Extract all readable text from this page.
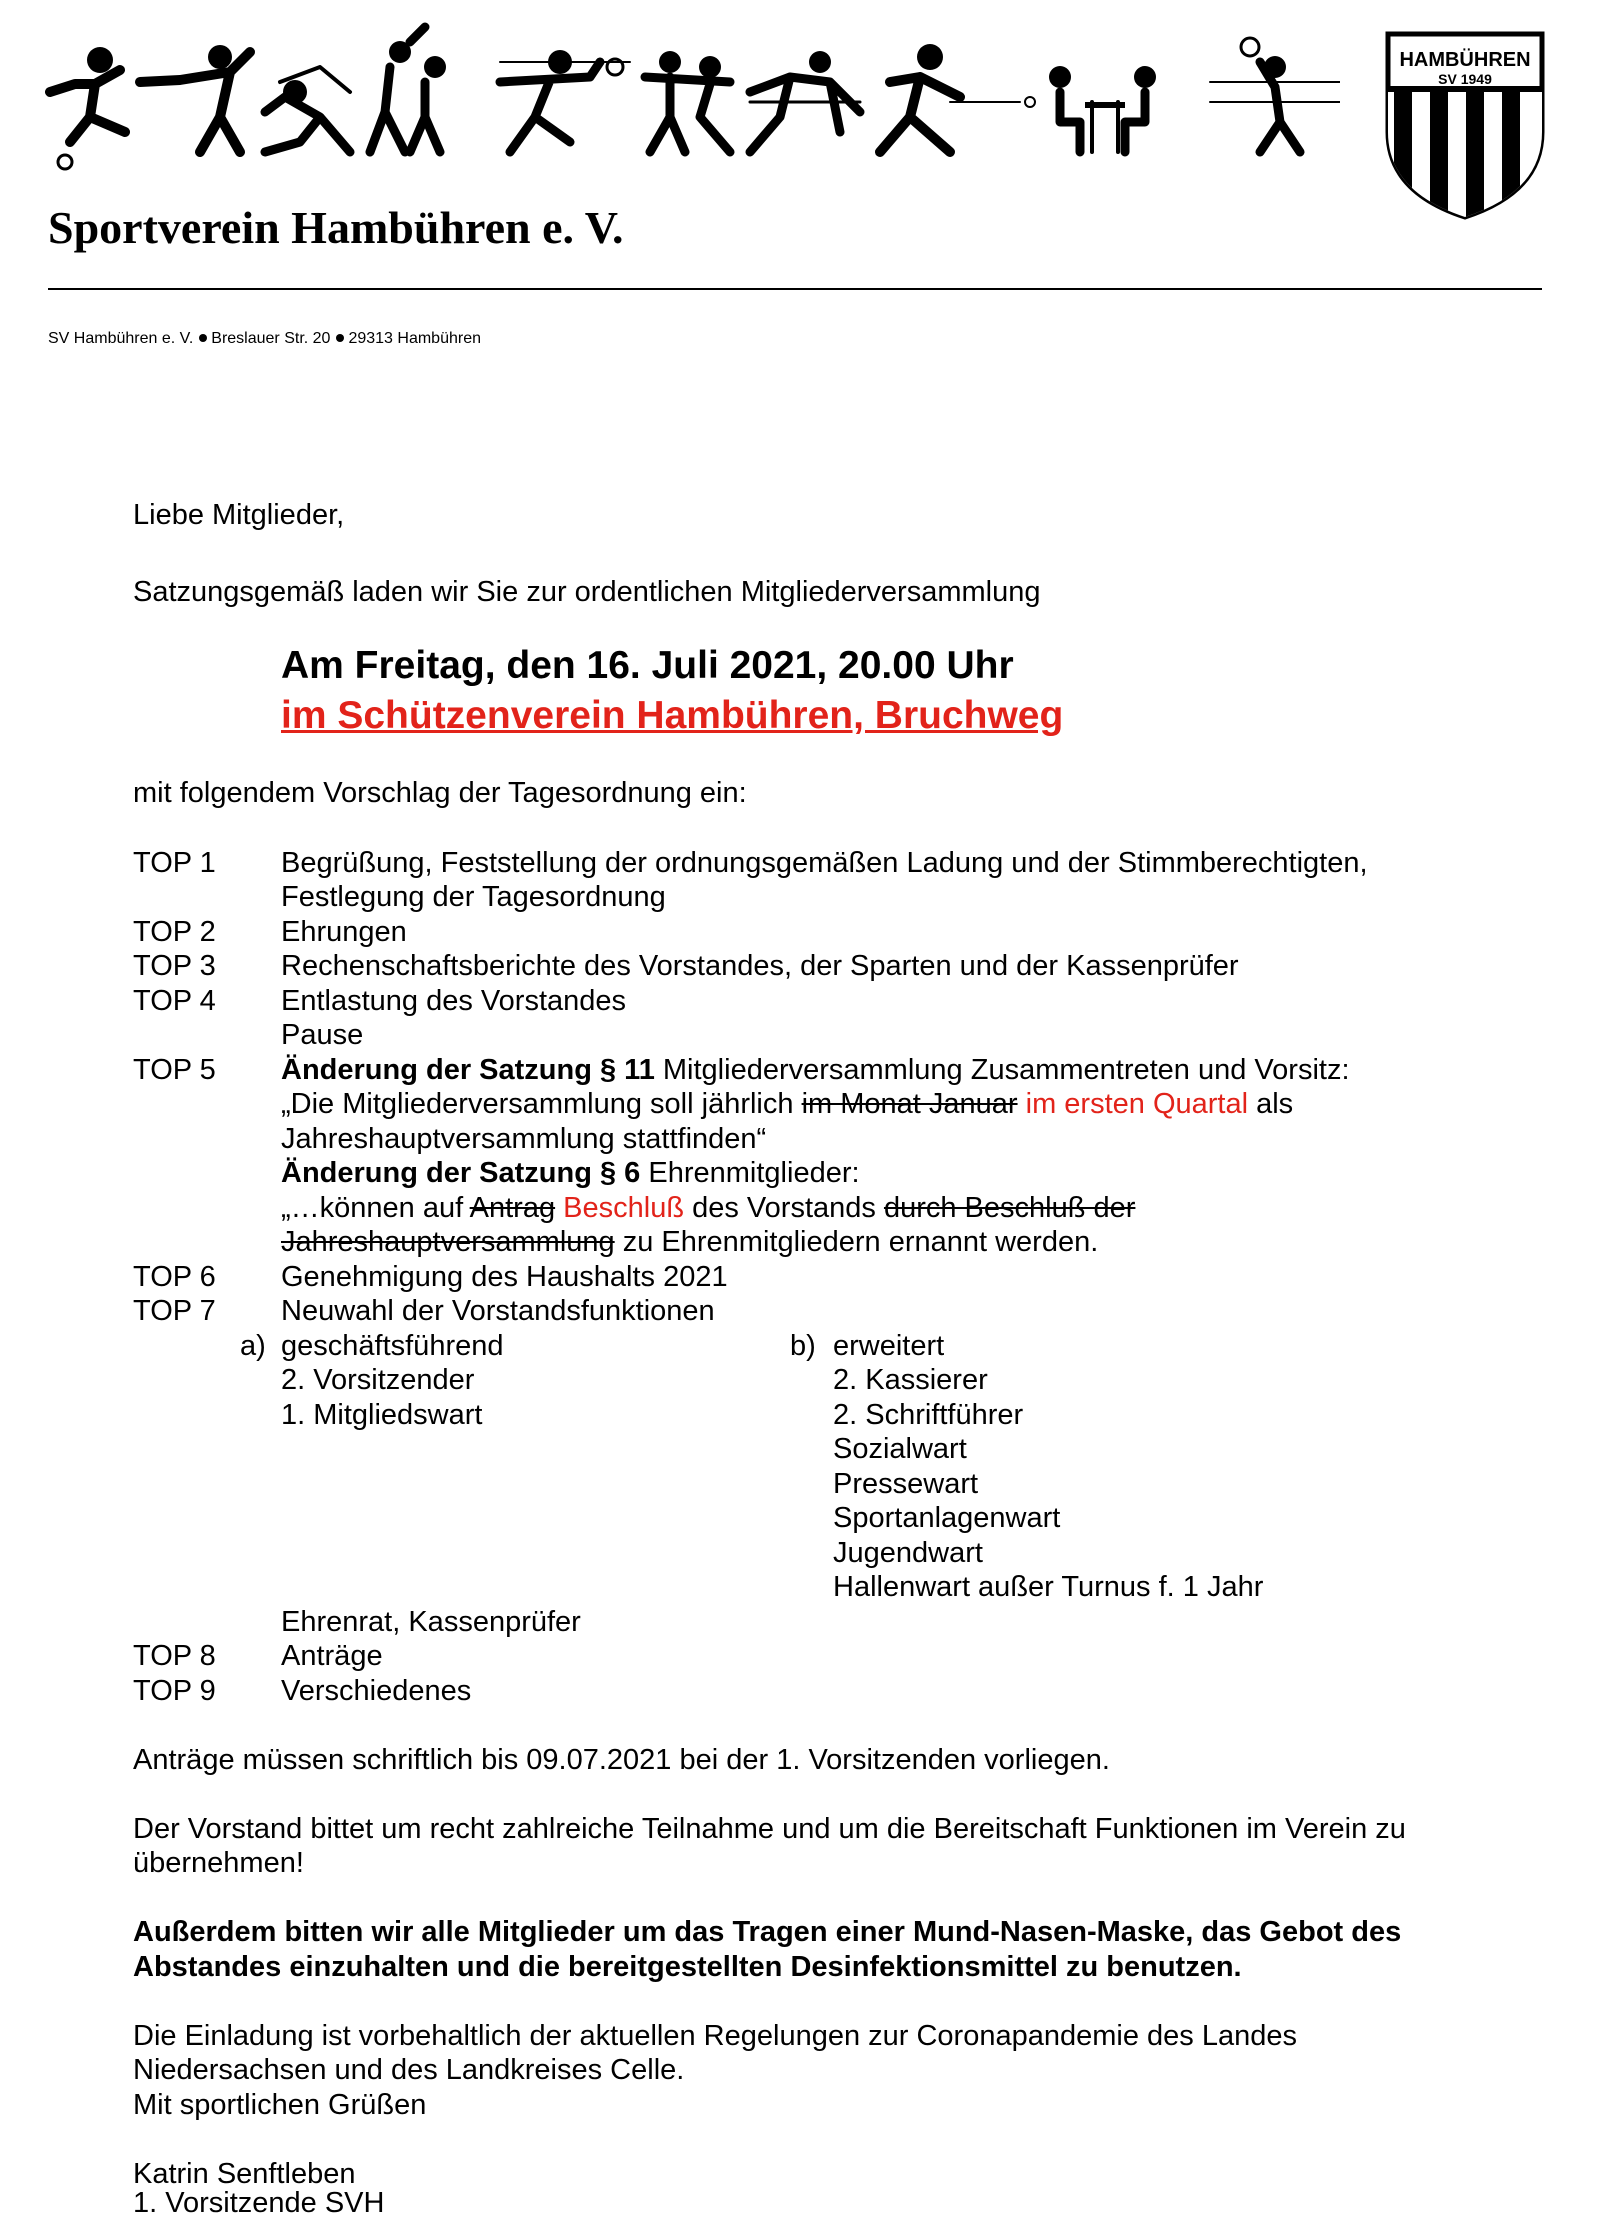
HAMBÜHREN
SV 1949
Sportverein Hambühren e. V.
SV Hambühren e. V. Breslauer Str. 20 29313 Hambühren
Liebe Mitglieder,
Satzungsgemäß laden wir Sie zur ordentlichen Mitgliederversammlung
Am Freitag, den 16. Juli 2021, 20.00 Uhr
im Schützenverein Hambühren, Bruchweg
mit folgendem Vorschlag der Tagesordnung ein:
TOP 1 Begrüßung, Feststellung der ordnungsgemäßen Ladung und der Stimmberechtigten,
Festlegung der Tagesordnung
TOP 2 Ehrungen
TOP 3 Rechenschaftsberichte des Vorstandes, der Sparten und der Kassenprüfer
TOP 4 Entlastung des Vorstandes
Pause
TOP 5 Änderung der Satzung § 11 Mitgliederversammlung Zusammentreten und Vorsitz:
„Die Mitgliederversammlung soll jährlich im Monat Januar im ersten Quartal als
Jahreshauptversammlung stattfinden“
Änderung der Satzung § 6 Ehrenmitglieder:
„…können auf Antrag Beschluß des Vorstands durch Beschluß der
Jahreshauptversammlung zu Ehrenmitgliedern ernannt werden.
TOP 6 Genehmigung des Haushalts 2021
TOP 7 Neuwahl der Vorstandsfunktionen
a) geschäftsführend
2. Vorsitzender
1. Mitgliedswart
b) erweitert
2. Kassierer
2. Schriftführer
Sozialwart
Pressewart
Sportanlagenwart
Jugendwart
Hallenwart außer Turnus f. 1 Jahr
Ehrenrat, Kassenprüfer
TOP 8 Anträge
TOP 9 Verschiedenes
Anträge müssen schriftlich bis 09.07.2021 bei der 1. Vorsitzenden vorliegen.
Der Vorstand bittet um recht zahlreiche Teilnahme und um die Bereitschaft Funktionen im Verein zu
übernehmen!
Außerdem bitten wir alle Mitglieder um das Tragen einer Mund-Nasen-Maske, das Gebot des
Abstandes einzuhalten und die bereitgestellten Desinfektionsmittel zu benutzen.
Die Einladung ist vorbehaltlich der aktuellen Regelungen zur Coronapandemie des Landes
Niedersachsen und des Landkreises Celle.
Mit sportlichen Grüßen
Katrin Senftleben
1. Vorsitzende SVH
